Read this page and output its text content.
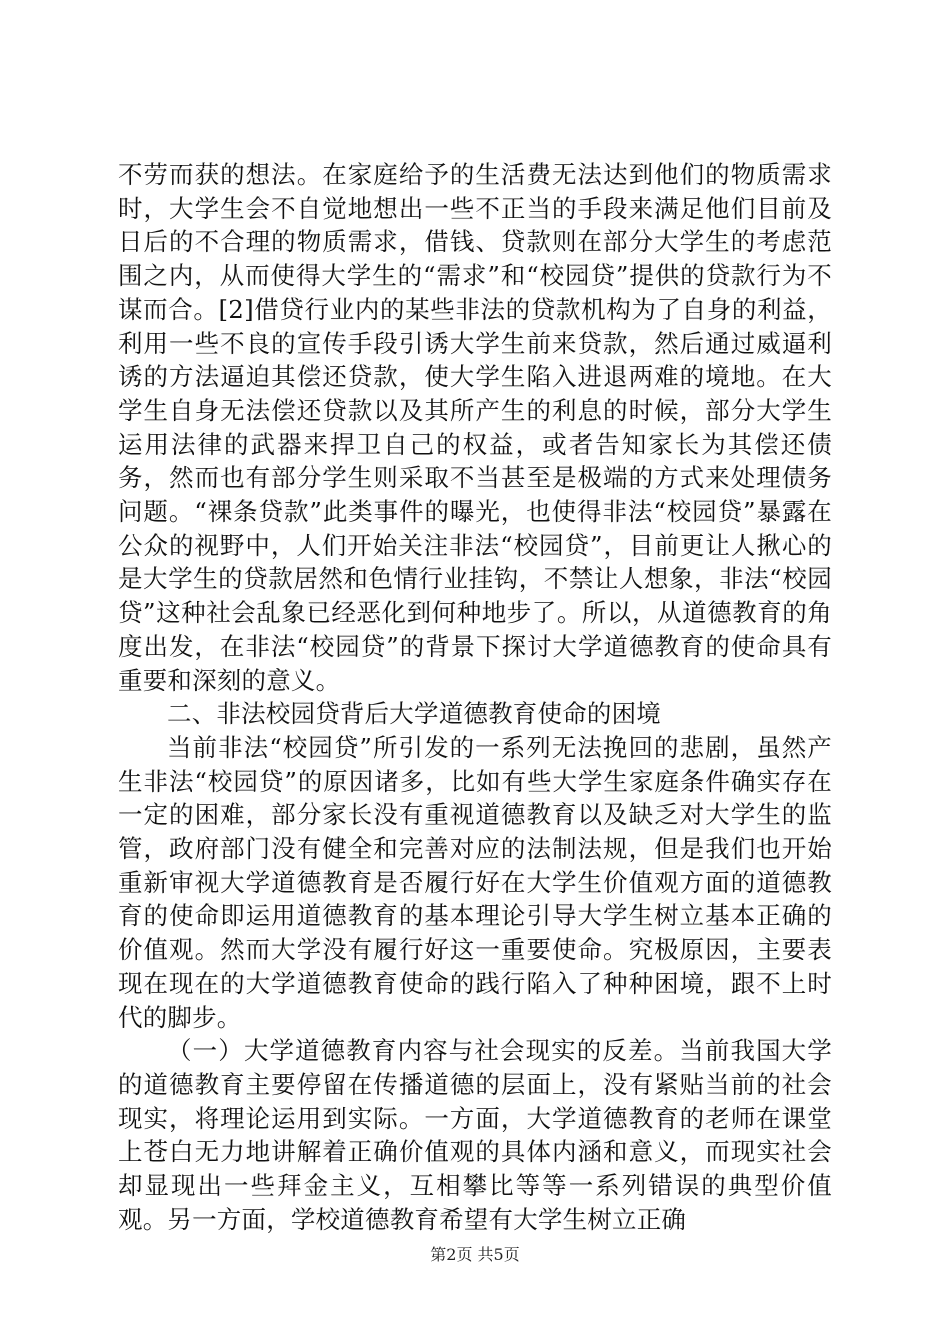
不劳而获的想法。在家庭给予的生活费无法达到他们的物质需求时，大学生会不自觉地想出一些不正当的手段来满足他们目前及日后的不合理的物质需求，借钱、贷款则在部分大学生的考虑范围之内，从而使得大学生的“需求”和“校园贷”提供的贷款行为不谋而合。[2]借贷行业内的某些非法的贷款机构为了自身的利益，利用一些不良的宣传手段引诱大学生前来贷款，然后通过威逼利诱的方法逼迫其偿还贷款，使大学生陷入进退两难的境地。在大学生自身无法偿还贷款以及其所产生的利息的时候，部分大学生运用法律的武器来捍卫自己的权益，或者告知家长为其偿还债务，然而也有部分学生则采取不当甚至是极端的方式来处理债务问题。“裸条贷款”此类事件的曝光，也使得非法“校园贷”暴露在公众的视野中，人们开始关注非法“校园贷”，目前更让人揪心的是大学生的贷款居然和色情行业挂钩，不禁让人想象，非法“校园贷”这种社会乱象已经恶化到何种地步了。所以，从道德教育的角度出发，在非法“校园贷”的背景下探讨大学道德教育的使命具有重要和深刻的意义。

二、非法校园贷背后大学道德教育使命的困境

当前非法“校园贷”所引发的一系列无法挽回的悲剧，虽然产生非法“校园贷”的原因诸多，比如有些大学生家庭条件确实存在一定的困难，部分家长没有重视道德教育以及缺乏对大学生的监管，政府部门没有健全和完善对应的法制法规，但是我们也开始重新审视大学道德教育是否履行好在大学生价值观方面的道德教育的使命即运用道德教育的基本理论引导大学生树立基本正确的价值观。然而大学没有履行好这一重要使命。究极原因，主要表现在现在的大学道德教育使命的践行陷入了种种困境，跟不上时代的脚步。

（一）大学道德教育内容与社会现实的反差。当前我国大学的道德教育主要停留在传播道德的层面上，没有紧贴当前的社会现实，将理论运用到实际。一方面，大学道德教育的老师在课堂上苍白无力地讲解着正确价值观的具体内涵和意义，而现实社会却显现出一些拜金主义，互相攀比等等一系列错误的典型价值观。另一方面，学校道德教育希望有大学生树立正确

第2页 共5页
